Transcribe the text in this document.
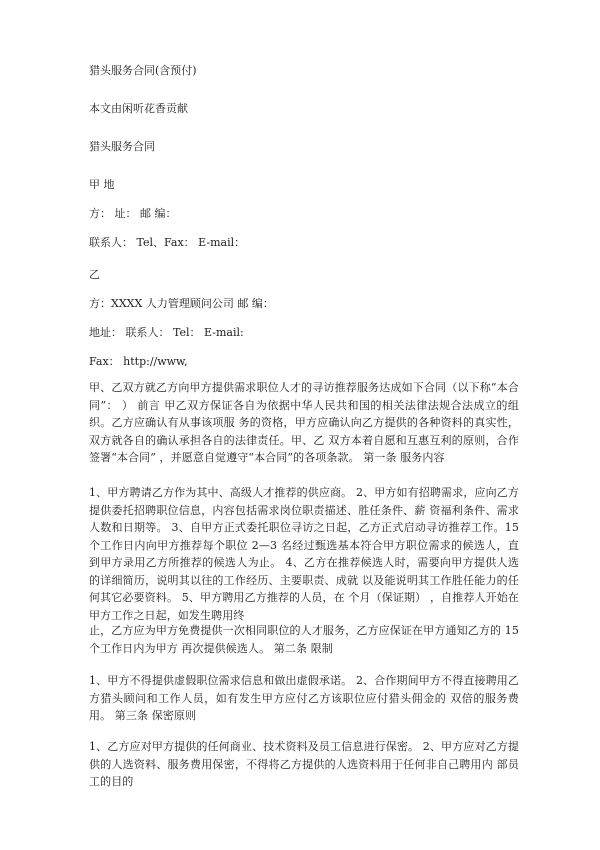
猎头服务合同(含预付)
本文由闲听花香贡献
猎头服务合同
甲 地
方： 址： 邮 编：
联系人： Tel、Fax： E-mail：
乙
方：XXXX 人力管理顾问公司 邮 编：
地址： 联系人： Tel： E-mail:
Fax： http://www,
甲、乙双方就乙方向甲方提供需求职位人才的寻访推荐服务达成如下合同（以下称“本合同”： ） 前言 甲乙双方保证各自为依据中华人民共和国的相关法律法规合法成立的组织。乙方应确认有从事该项服 务的资格，甲方应确认向乙方提供的各种资料的真实性，双方就各自的确认承担各自的法律责任。甲、乙 双方本着自愿和互惠互利的原则，合作签署“本合同” ，并愿意自觉遵守“本合同”的各项条款。 第一条 服务内容
1、甲方聘请乙方作为其中、高级人才推荐的供应商。 2、甲方如有招聘需求，应向乙方提供委托招聘职位信息，内容包括需求岗位职责描述、胜任条件、薪 资福利条件、需求人数和日期等。 3、自甲方正式委托职位寻访之日起，乙方正式启动寻访推荐工作。15 个工作日内向甲方推荐每个职位 2—3 名经过甄选基本符合甲方职位需求的候选人，直到甲方录用乙方所推荐的候选人为止。 4、乙方在推荐候选人时，需要向甲方提供人选的详细简历，说明其以往的工作经历、主要职责、成就 以及能说明其工作胜任能力的任何其它必要资料。 5、甲方聘用乙方推荐的人员，在 个月（保证期） ，自推荐人开始在甲方工作之日起，如发生聘用终
止，乙方应为甲方免费提供一次相同职位的人才服务，乙方应保证在甲方通知乙方的 15 个工作日内为甲方 再次提供候选人。 第二条 限制
1、甲方不得提供虚假职位需求信息和做出虚假承诺。 2、合作期间甲方不得直接聘用乙方猎头顾问和工作人员，如有发生甲方应付乙方该职位应付猎头佣金的 双倍的服务费用。 第三条 保密原则
1、乙方应对甲方提供的任何商业、技术资料及员工信息进行保密。 2、甲方应对乙方提供的人选资料、服务费用保密，不得将乙方提供的人选资料用于任何非自己聘用内 部员工的目的
